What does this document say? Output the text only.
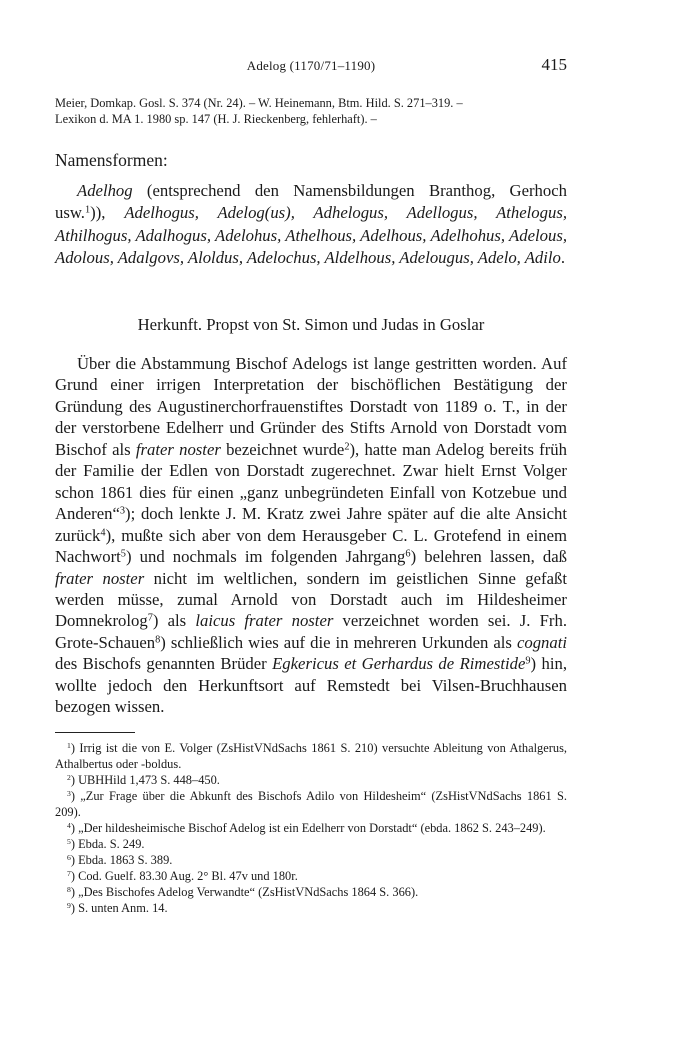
Adelog (1170/71–1190)	415

Meier, Domkap. Gosl. S. 374 (Nr. 24). – W. Heinemann, Btm. Hild. S. 271–319. –

Lexikon d. MA 1. 1980 sp. 147 (H. J. Rieckenberg, fehlerhaft). –

Namensformen:

Adelhog (entsprechend den Namensbildungen Branthog, Gerhoch usw.$^1$)), Adelhogus, Adelog(us), Adhelogus, Adellogus, Athelogus, Athilhogus, Adalhogus, Adelohus, Athelhous, Adelhous, Adelhohus, Adelous, Adolous, Adalgovs, Aloldus, Adelochus, Aldelhous, Adelougus, Adelo, Adilo.

Herkunft. Propst von St. Simon und Judas in Goslar

Über die Abstammung Bischof Adelogs ist lange gestritten worden. Auf Grund einer irrigen Interpretation der bischöflichen Bestätigung der Gründung des Augustinerchorfrauenstiftes Dorstadt von 1189 o. T., in der der verstorbene Edelherr und Gründer des Stifts Arnold von Dorstadt vom Bischof als frater noster bezeichnet wurde$^2$), hatte man Adelog bereits früh der Familie der Edlen von Dorstadt zugerechnet. Zwar hielt Ernst Volger schon 1861 dies für einen „ganz unbegründeten Einfall von Kotzebue und Anderen“$^3$); doch lenkte J. M. Kratz zwei Jahre später auf die alte Ansicht zurück$^4$), mußte sich aber von dem Herausgeber C. L. Grotefend in einem Nachwort$^5$) und nochmals im folgenden Jahrgang$^6$) belehren lassen, daß frater noster nicht im weltlichen, sondern im geistlichen Sinne gefaßt werden müsse, zumal Arnold von Dorstadt auch im Hildesheimer Domnekrolog$^7$) als laicus frater noster verzeichnet worden sei. J. Frh. Grote-Schauen$^8$) schließlich wies auf die in mehreren Urkunden als cognati des Bischofs genannten Brüder Egkericus et Gerhardus de Rimestide$^9$) hin, wollte jedoch den Herkunftsort auf Remstedt bei Vilsen-Bruchhausen bezogen wissen.

$^1$) Irrig ist die von E. Volger (ZsHistVNdSachs 1861 S. 210) versuchte Ableitung von Athalgerus, Athalbertus oder -boldus.

$^2$) UBHHild 1,473 S. 448–450.

$^3$) „Zur Frage über die Abkunft des Bischofs Adilo von Hildesheim“ (ZsHistVNdSachs 1861 S. 209).

$^4$) „Der hildesheimische Bischof Adelog ist ein Edelherr von Dorstadt“ (ebda. 1862 S. 243–249).

$^5$) Ebda. S. 249.

$^6$) Ebda. 1863 S. 389.

$^7$) Cod. Guelf. 83.30 Aug. 2° Bl. 47v und 180r.

$^8$) „Des Bischofes Adelog Verwandte“ (ZsHistVNdSachs 1864 S. 366).

$^9$) S. unten Anm. 14.
